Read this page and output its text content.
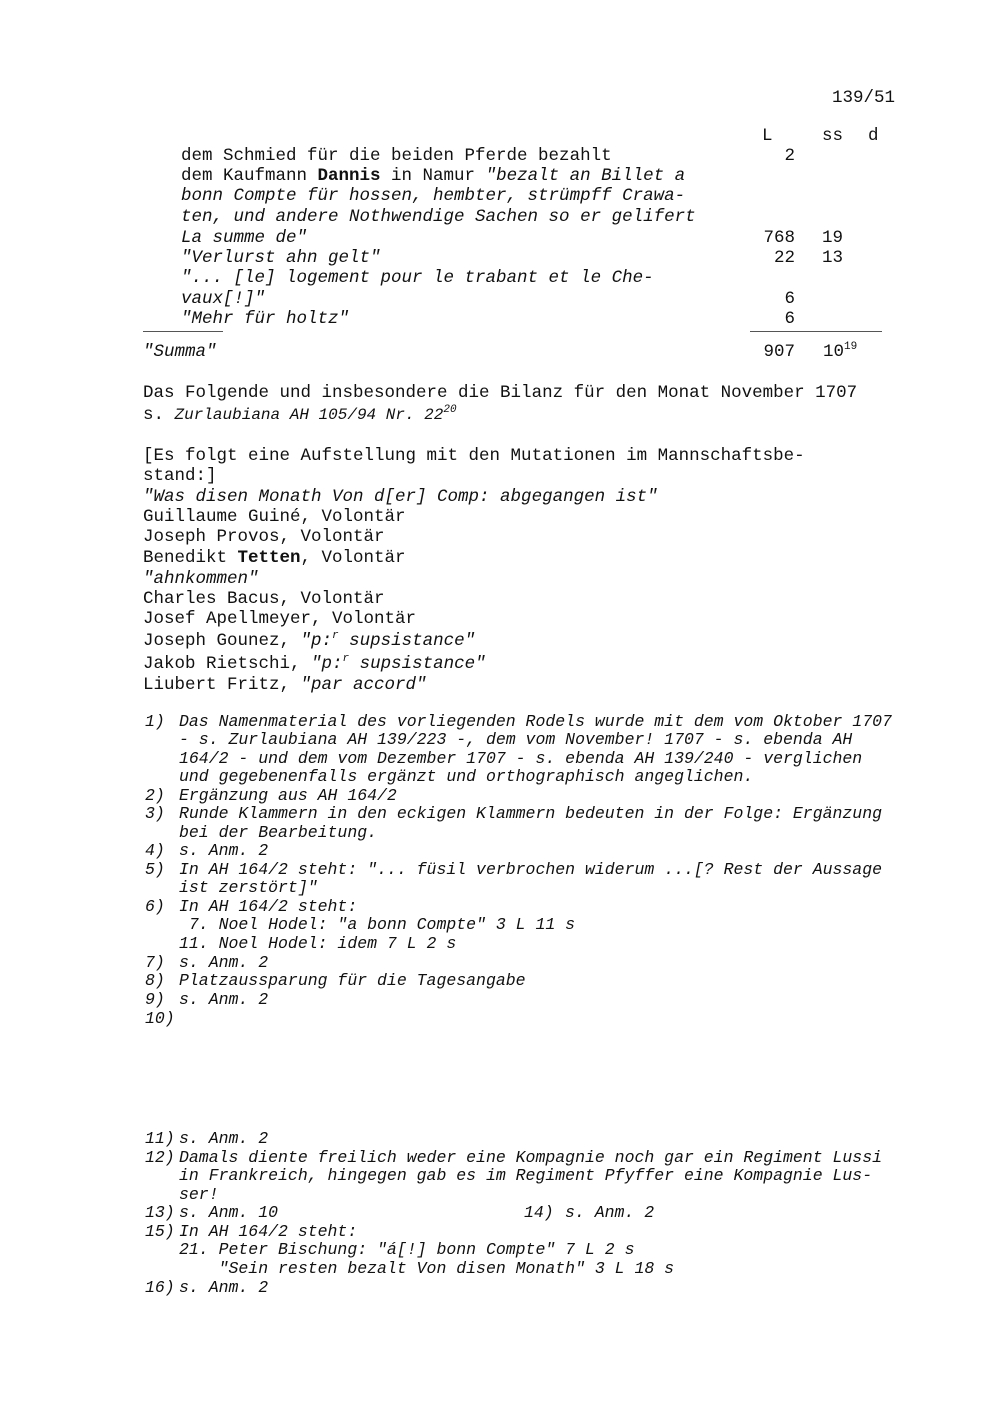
139/51
L	ss d
dem Schmied für die beiden Pferde bezahlt	2
dem Kaufmann Dannis in Namur "bezalt an Billet a
bonn Compte für hossen, hembter, strümpff Crawa-
ten, und andere Nothwendige Sachen so er gelifert
La summe de"	768 19
"Verlurst ahn gelt"	22 13
"... [le] logement pour le trabant et le Che-
vaux[!]"	6
"Mehr für holtz"	6
"Summa"	907 $10^{19}$
Das Folgende und insbesondere die Bilanz für den Monat November 1707
s. Zurlaubiana AH 105/94 Nr. $22^{20}$
[Es folgt eine Aufstellung mit den Mutationen im Mannschaftsbe-
stand:]
"Was disen Monath Von d[er] Comp: abgegangen ist"
Guillaume Guiné, Volontär
Joseph Provos, Volontär
Benedikt Tetten, Volontär
"ahnkommen"
Charles Bacus, Volontär
Josef Apellmeyer, Volontär
Joseph Gounez, "p:$^r$ supsistance"
Jakob Rietschi, "p:$^r$ supsistance"
Liubert Fritz, "par accord"
1) Das Namenmaterial des vorliegenden Rodels wurde mit dem vom Oktober 1707
- s. Zurlaubiana AH 139/223 -, dem vom November! 1707 - s. ebenda AH
164/2 - und dem vom Dezember 1707 - s. ebenda AH 139/240 - verglichen
und gegebenenfalls ergänzt und orthographisch angeglichen.
2) Ergänzung aus AH 164/2
3) Runde Klammern in den eckigen Klammern bedeuten in der Folge: Ergänzung
bei der Bearbeitung.
4) s. Anm. 2
5) In AH 164/2 steht: "... füsil verbrochen widerum ...[? Rest der Aussage
ist zerstört]"
6) In AH 164/2 steht:
7. Noel Hodel: "a bonn Compte" 3 L 11 s
11. Noel Hodel: idem 7 L 2 s
7) s. Anm. 2
8) Platzaussparung für die Tagesangabe
9) s. Anm. 2
10)
11) s. Anm. 2
12) Damals diente freilich weder eine Kompagnie noch gar ein Regiment Lussi
in Frankreich, hingegen gab es im Regiment Pfyffer eine Kompagnie Lus-
ser!
13) s. Anm. 10	14) s. Anm. 2
15) In AH 164/2 steht:
21. Peter Bischung: "á[!] bonn Compte" 7 L 2 s
"Sein resten bezalt Von disen Monath" 3 L 18 s
16) s. Anm. 2
